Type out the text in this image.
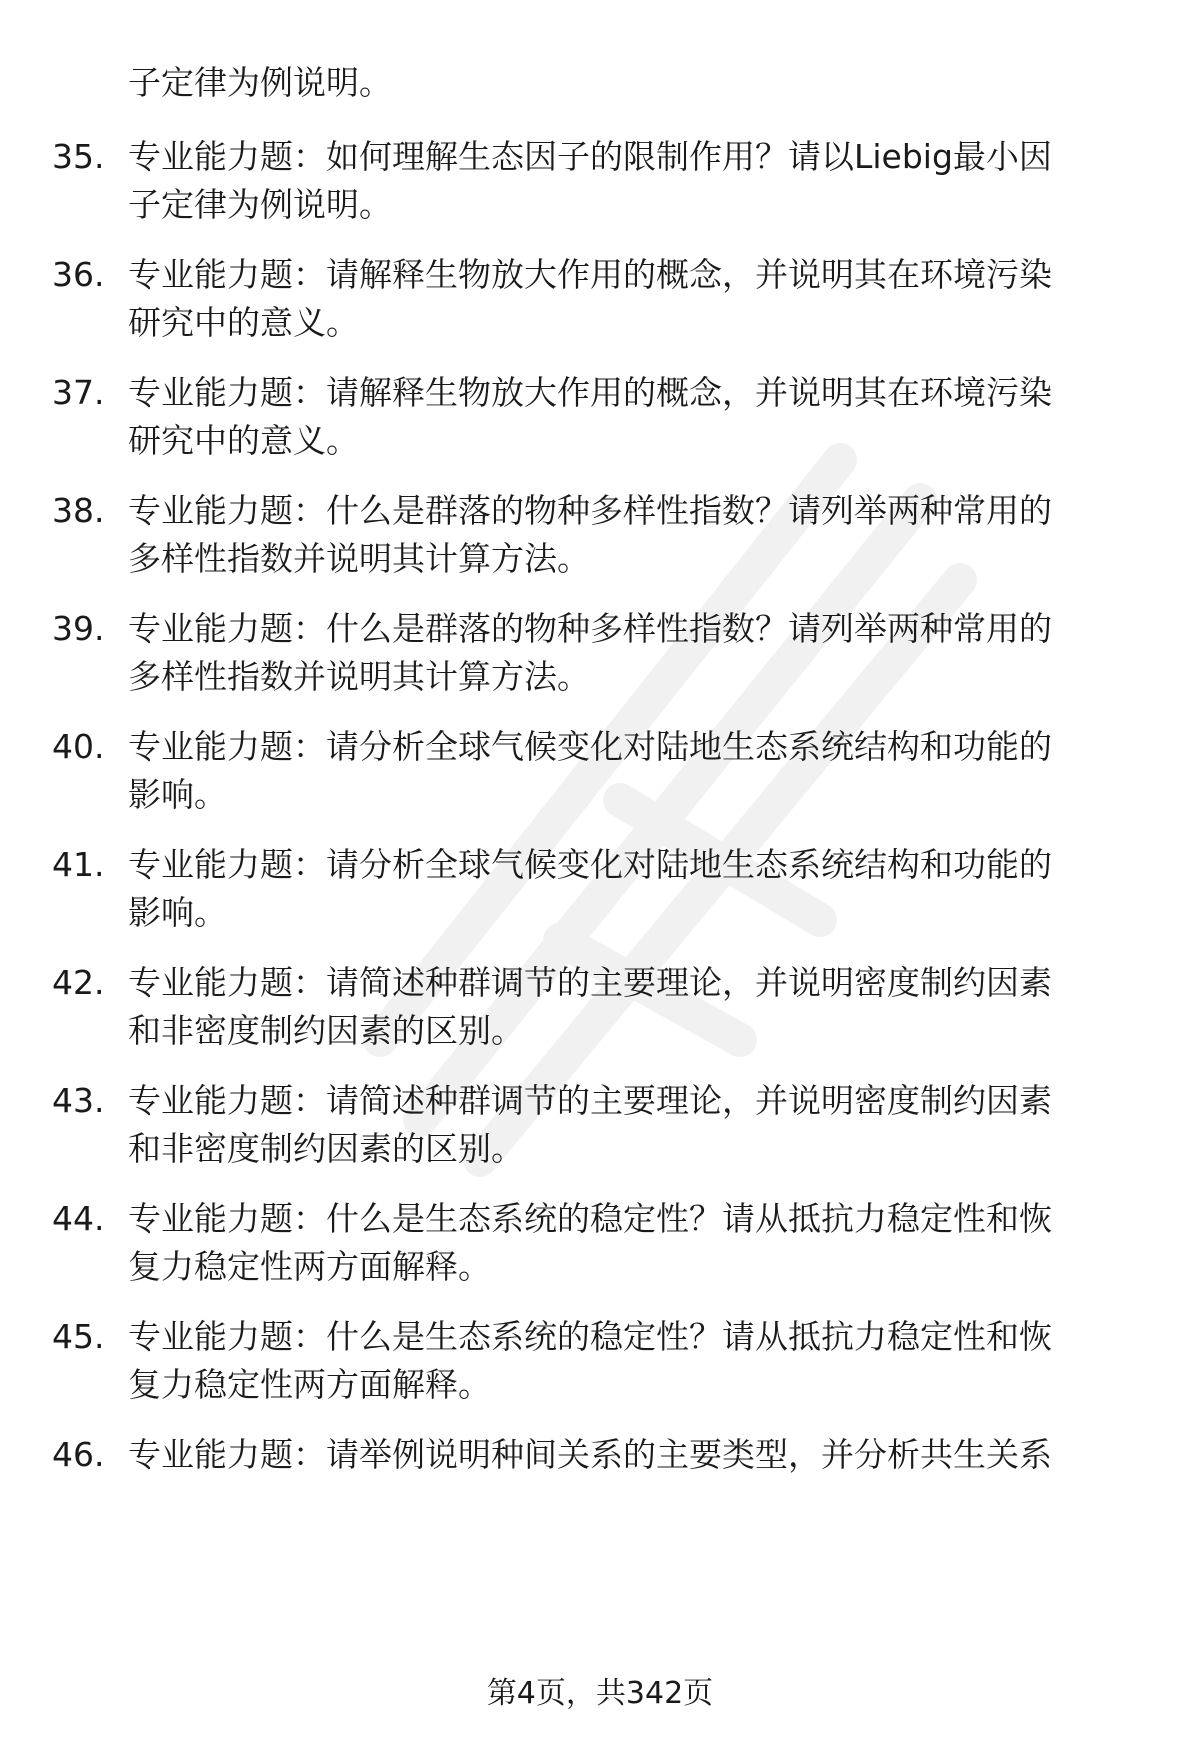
子定律为例说明。
35. 专业能力题：如何理解生态因子的限制作用？请以Liebig最小因
子定律为例说明。
36. 专业能力题：请解释生物放大作用的概念，并说明其在环境污染
研究中的意义。
37. 专业能力题：请解释生物放大作用的概念，并说明其在环境污染
研究中的意义。
38. 专业能力题：什么是群落的物种多样性指数？请列举两种常用的
多样性指数并说明其计算方法。
39. 专业能力题：什么是群落的物种多样性指数？请列举两种常用的
多样性指数并说明其计算方法。
40. 专业能力题：请分析全球气候变化对陆地生态系统结构和功能的
影响。
41. 专业能力题：请分析全球气候变化对陆地生态系统结构和功能的
影响。
42. 专业能力题：请简述种群调节的主要理论，并说明密度制约因素
和非密度制约因素的区别。
43. 专业能力题：请简述种群调节的主要理论，并说明密度制约因素
和非密度制约因素的区别。
44. 专业能力题：什么是生态系统的稳定性？请从抵抗力稳定性和恢
复力稳定性两方面解释。
45. 专业能力题：什么是生态系统的稳定性？请从抵抗力稳定性和恢
复力稳定性两方面解释。
46. 专业能力题：请举例说明种间关系的主要类型，并分析共生关系
第4页，共342页
